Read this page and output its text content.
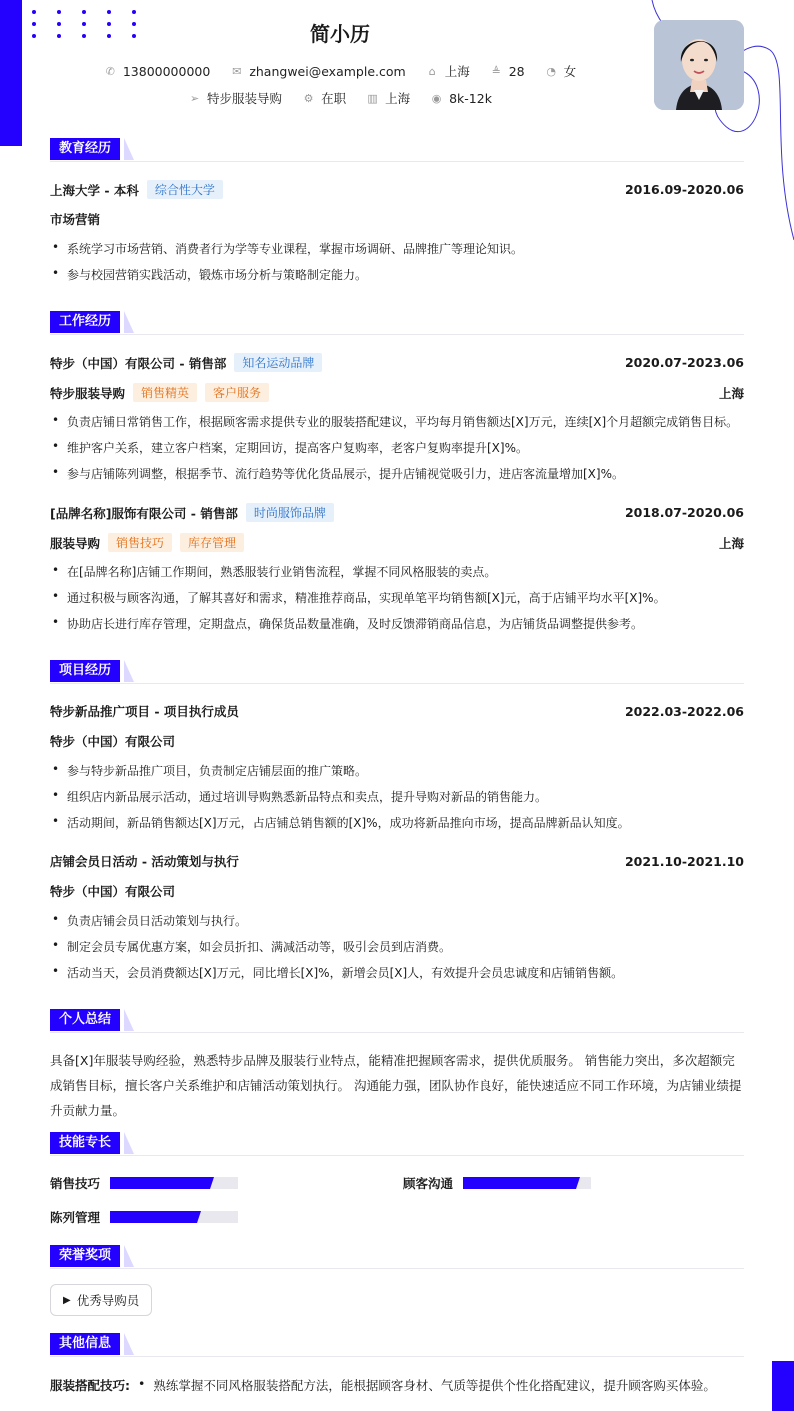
简小历
✆ 13800000000 ✉ zhangwei@example.com ⌂ 上海 ≜ 28 ◔ 女
➢ 特步服装导购 ⚙ 在职 ▥ 上海 ◉ 8k-12k
教育经历
上海大学 - 本科	综合性大学	2016.09-2020.06
市场营销
• 系统学习市场营销、消费者行为学等专业课程，掌握市场调研、品牌推广等理论知识。
• 参与校园营销实践活动，锻炼市场分析与策略制定能力。
工作经历
特步（中国）有限公司 - 销售部	知名运动品牌	2020.07-2023.06
特步服装导购	销售精英	客户服务	上海
• 负责店铺日常销售工作，根据顾客需求提供专业的服装搭配建议，平均每月销售额达[X]万元，连续[X]个月超额完成销售目标。
• 维护客户关系，建立客户档案，定期回访，提高客户复购率，老客户复购率提升[X]%。
• 参与店铺陈列调整，根据季节、流行趋势等优化货品展示，提升店铺视觉吸引力，进店客流量增加[X]%。
[品牌名称]服饰有限公司 - 销售部	时尚服饰品牌	2018.07-2020.06
服装导购	销售技巧	库存管理	上海
• 在[品牌名称]店铺工作期间，熟悉服装行业销售流程，掌握不同风格服装的卖点。
• 通过积极与顾客沟通，了解其喜好和需求，精准推荐商品，实现单笔平均销售额[X]元，高于店铺平均水平[X]%。
• 协助店长进行库存管理，定期盘点，确保货品数量准确，及时反馈滞销商品信息，为店铺货品调整提供参考。
项目经历
特步新品推广项目 - 项目执行成员	2022.03-2022.06
特步（中国）有限公司
• 参与特步新品推广项目，负责制定店铺层面的推广策略。
• 组织店内新品展示活动，通过培训导购熟悉新品特点和卖点，提升导购对新品的销售能力。
• 活动期间，新品销售额达[X]万元，占店铺总销售额的[X]%，成功将新品推向市场，提高品牌新品认知度。
店铺会员日活动 - 活动策划与执行	2021.10-2021.10
特步（中国）有限公司
• 负责店铺会员日活动策划与执行。
• 制定会员专属优惠方案，如会员折扣、满减活动等，吸引会员到店消费。
• 活动当天，会员消费额达[X]万元，同比增长[X]%，新增会员[X]人，有效提升会员忠诚度和店铺销售额。
个人总结
具备[X]年服装导购经验，熟悉特步品牌及服装行业特点，能精准把握顾客需求，提供优质服务。 销售能力突出，多次超额完成销售目标，擅长客户关系维护和店铺活动策划执行。 沟通能力强，团队协作良好，能快速适应不同工作环境，为店铺业绩提升贡献力量。
技能专长
销售技巧	顾客沟通
陈列管理
荣誉奖项
▶ 优秀导购员
其他信息
服装搭配技巧: • 熟练掌握不同风格服装搭配方法，能根据顾客身材、气质等提供个性化搭配建议，提升顾客购买体验。
